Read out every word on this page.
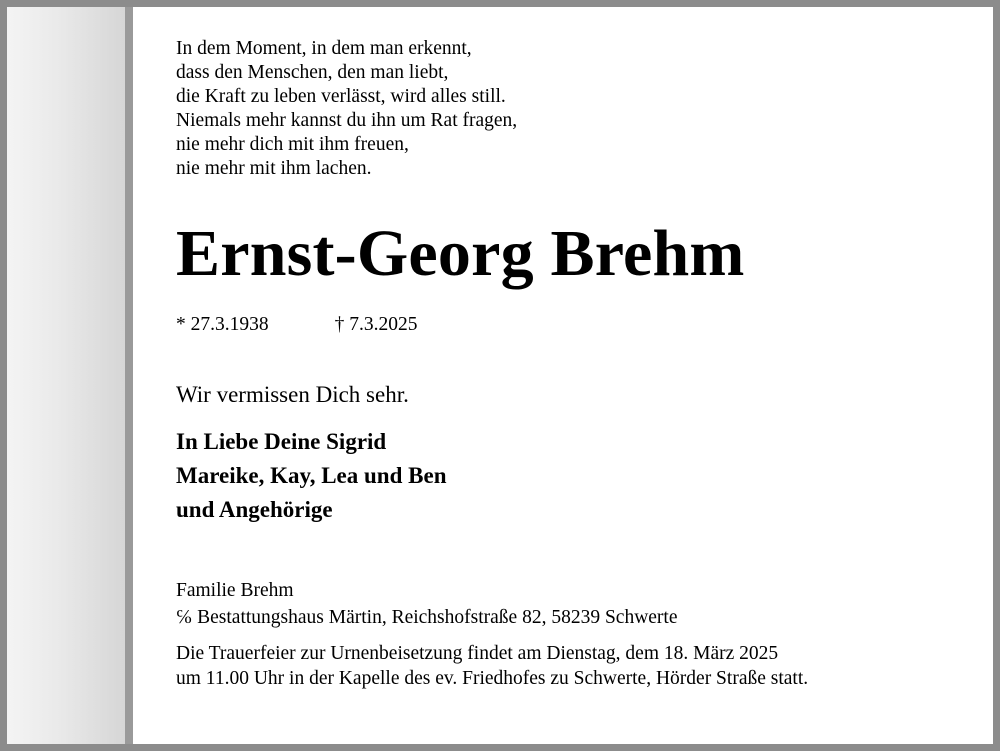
In dem Moment, in dem man erkennt,
dass den Menschen, den man liebt,
die Kraft zu leben verlässt, wird alles still.
Niemals mehr kannst du ihn um Rat fragen,
nie mehr dich mit ihm freuen,
nie mehr mit ihm lachen.
Ernst-Georg Brehm
* 27.3.1938	† 7.3.2025
Wir vermissen Dich sehr.
In Liebe Deine Sigrid
Mareike, Kay, Lea und Ben
und Angehörige
Familie Brehm
℅ Bestattungshaus Märtin, Reichshofstraße 82, 58239 Schwerte
Die Trauerfeier zur Urnenbeisetzung findet am Dienstag, dem 18. März 2025
um 11.00 Uhr in der Kapelle des ev. Friedhofes zu Schwerte, Hörder Straße statt.
